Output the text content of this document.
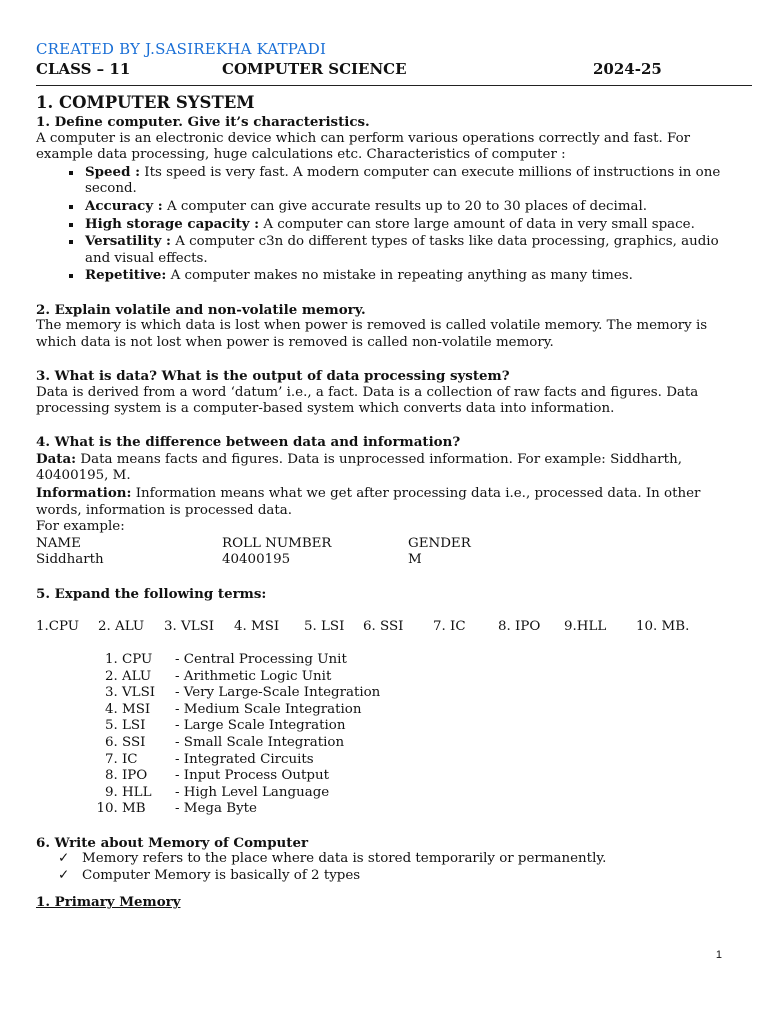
CREATED BY J.SASIREKHA KATPADI
CLASS – 11	COMPUTER SCIENCE	2024-25
1. COMPUTER SYSTEM
1. Define computer. Give it’s characteristics.

A computer is an electronic device which can perform various operations correctly and fast. For example data processing, huge calculations etc. Characteristics of computer :

▪ Speed : Its speed is very fast. A modern computer can execute millions of instructions in one second.
▪ Accuracy : A computer can give accurate results up to 20 to 30 places of decimal.
▪ High storage capacity : A computer can store large amount of data in very small space.
▪ Versatility : A computer c3n do different types of tasks like data processing, graphics, audio and visual effects.
▪ Repetitive: A computer makes no mistake in repeating anything as many times.
2. Explain volatile and non-volatile memory.

The memory is which data is lost when power is removed is called volatile memory. The memory is which data is not lost when power is removed is called non-volatile memory.

3. What is data? What is the output of data processing system?

Data is derived from a word ‘datum’ i.e., a fact. Data is a collection of raw facts and figures. Data processing system is a computer-based system which converts data into information.

4. What is the difference between data and information?

Data: Data means facts and figures. Data is unprocessed information. For example: Siddharth, 40400195, M.

Information: Information means what we get after processing data i.e., processed data. In other words, information is processed data.

For example:

NAME	ROLL NUMBER	GENDER
Siddharth	40400195	M
5. Expand the following terms:
1.CPU 2. ALU 3. VLSI 4. MSI 5. LSI 6. SSI 7. IC 8. IPO 9.HLL 10. MB.
1. CPU - Central Processing Unit
2. ALU - Arithmetic Logic Unit
3. VLSI - Very Large-Scale Integration
4. MSI - Medium Scale Integration
5. LSI - Large Scale Integration
6. SSI - Small Scale Integration
7. IC	- Integrated Circuits
8. IPO - Input Process Output
9. HLL - High Level Language
10. MB - Mega Byte
6. Write about Memory of Computer
✓ Memory refers to the place where data is stored temporarily or permanently.
✓ Computer Memory is basically of 2 types
1. Primary Memory
1
